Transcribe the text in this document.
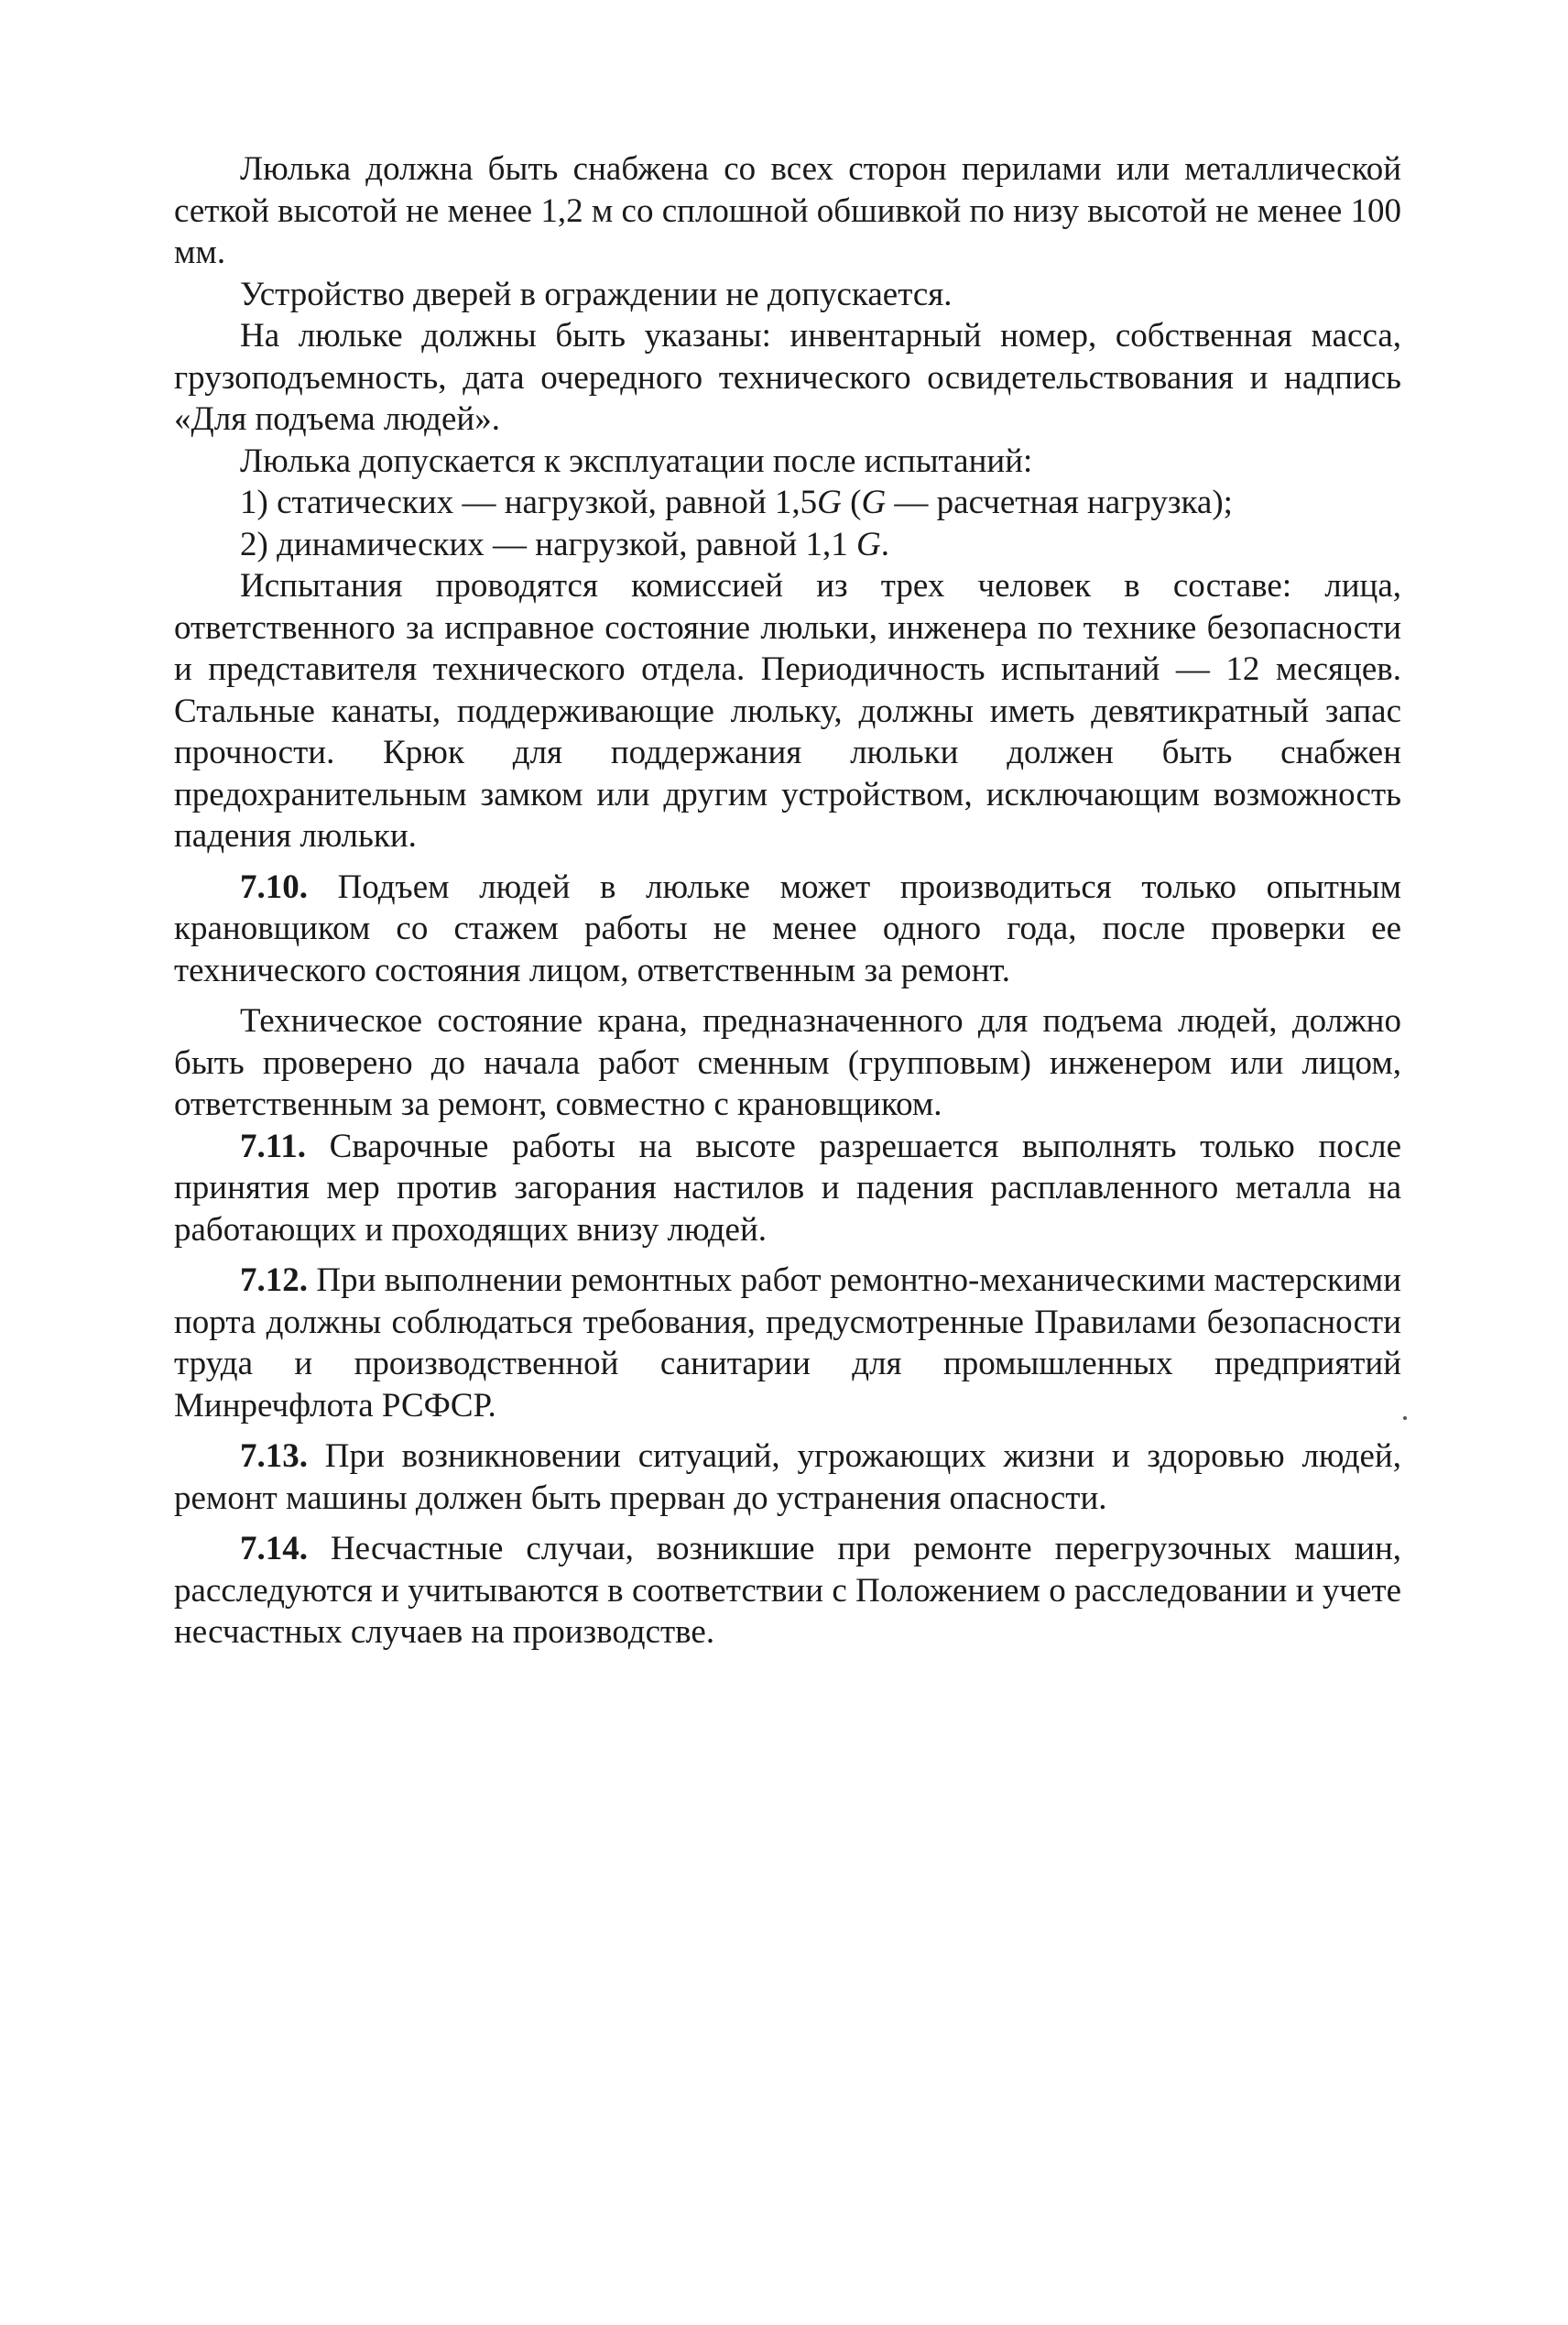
Люлька должна быть снабжена со всех сторон перилами или металлической сеткой высотой не менее 1,2 м со сплошной обшивкой по низу высотой не менее 100 мм.

Устройство дверей в ограждении не допускается.

На люльке должны быть указаны: инвентарный номер, собственная масса, грузоподъемность, дата очередного технического освидетельствования и надпись «Для подъема людей».

Люлька допускается к эксплуатации после испытаний:

1) статических — нагрузкой, равной 1,5G (G — расчетная нагрузка);

2) динамических — нагрузкой, равной 1,1 G.

Испытания проводятся комиссией из трех человек в составе: лица, ответственного за исправное состояние люльки, инженера по технике безопасности и представителя технического отдела. Периодичность испытаний — 12 месяцев. Стальные канаты, поддерживающие люльку, должны иметь девятикратный запас прочности. Крюк для поддержания люльки должен быть снабжен предохранительным замком или другим устройством, исключающим возможность падения люльки.

7.10. Подъем людей в люльке может производиться только опытным крановщиком со стажем работы не менее одного года, после проверки ее технического состояния лицом, ответственным за ремонт.

Техническое состояние крана, предназначенного для подъема людей, должно быть проверено до начала работ сменным (групповым) инженером или лицом, ответственным за ремонт, совместно с крановщиком.

7.11. Сварочные работы на высоте разрешается выполнять только после принятия мер против загорания настилов и падения расплавленного металла на работающих и проходящих внизу людей.

7.12. При выполнении ремонтных работ ремонтно-механическими мастерскими порта должны соблюдаться требования, предусмотренные Правилами безопасности труда и производственной санитарии для промышленных предприятий Минречфлота РСФСР.

7.13. При возникновении ситуаций, угрожающих жизни и здоровью людей, ремонт машины должен быть прерван до устранения опасности.

7.14. Несчастные случаи, возникшие при ремонте перегрузочных машин, расследуются и учитываются в соответствии с Положением о расследовании и учете несчастных случаев на производстве.
